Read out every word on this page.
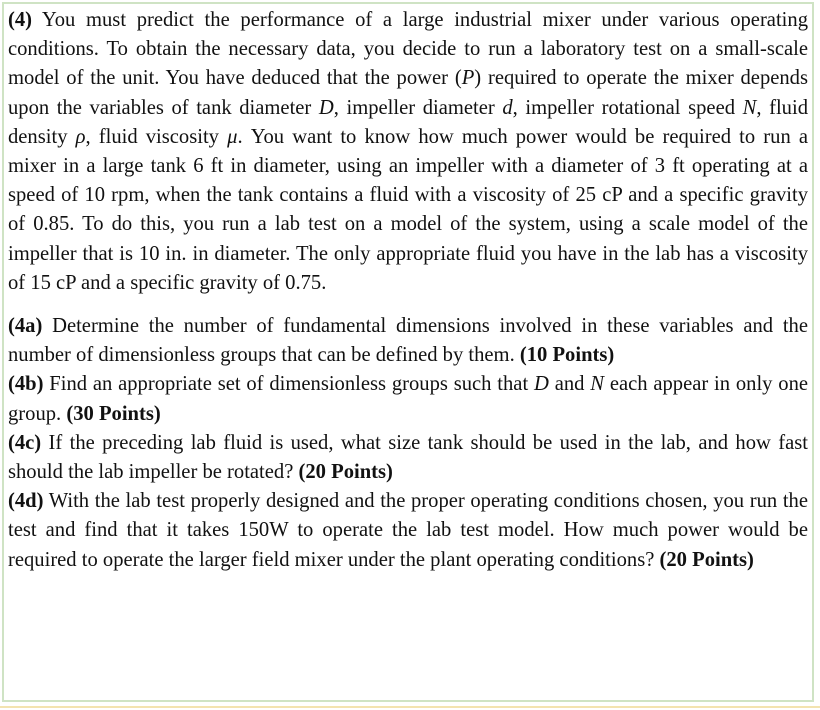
(4) You must predict the performance of a large industrial mixer under various operating conditions. To obtain the necessary data, you decide to run a laboratory test on a small-scale model of the unit. You have deduced that the power (P) required to operate the mixer depends upon the variables of tank diameter D, impeller diameter d, impeller rotational speed N, fluid density ρ, fluid viscosity μ. You want to know how much power would be required to run a mixer in a large tank 6 ft in diameter, using an impeller with a diameter of 3 ft operating at a speed of 10 rpm, when the tank contains a fluid with a viscosity of 25 cP and a specific gravity of 0.85. To do this, you run a lab test on a model of the system, using a scale model of the impeller that is 10 in. in diameter. The only appropriate fluid you have in the lab has a viscosity of 15 cP and a specific gravity of 0.75.

(4a) Determine the number of fundamental dimensions involved in these variables and the number of dimensionless groups that can be defined by them. (10 Points)

(4b) Find an appropriate set of dimensionless groups such that D and N each appear in only one group. (30 Points)

(4c) If the preceding lab fluid is used, what size tank should be used in the lab, and how fast should the lab impeller be rotated? (20 Points)

(4d) With the lab test properly designed and the proper operating conditions chosen, you run the test and find that it takes 150W to operate the lab test model. How much power would be required to operate the larger field mixer under the plant operating conditions? (20 Points)
